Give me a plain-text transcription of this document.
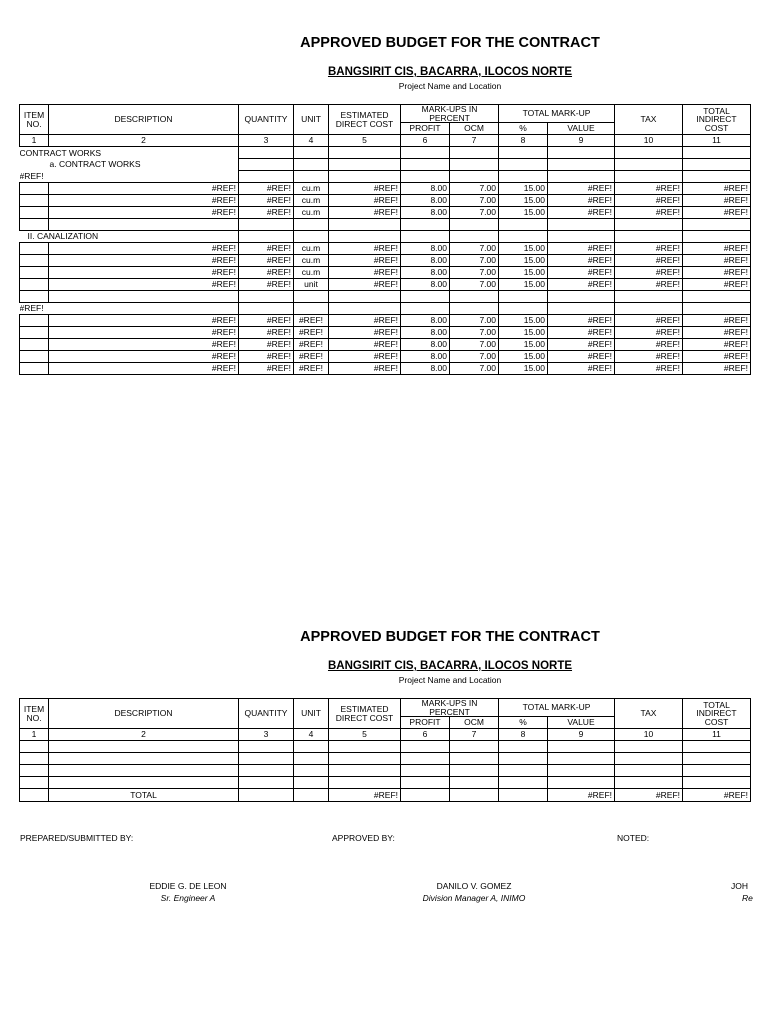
APPROVED BUDGET FOR THE CONTRACT
BANGSIRIT CIS, BACARRA, ILOCOS NORTE
Project Name and Location
ITEM NO.	DESCRIPTION	QUANTITY	UNIT	ESTIMATED DIRECT COST	MARK-UPS IN PERCENT		TOTAL MARK-UP		TAX	TOTAL INDIRECT COST
					PROFIT	OCM	%	VALUE		
1	2	3	4	5	6	7	8	9	10	11
CONTRACT WORKS										
a. CONTRACT WORKS										
#REF!										
	#REF!	#REF!	cu.m	#REF!	8.00	7.00	15.00	#REF!	#REF!	#REF!
	#REF!	#REF!	cu.m	#REF!	8.00	7.00	15.00	#REF!	#REF!	#REF!
	#REF!	#REF!	cu.m	#REF!	8.00	7.00	15.00	#REF!	#REF!	#REF!

II. CANALIZATION										
	#REF!	#REF!	cu.m	#REF!	8.00	7.00	15.00	#REF!	#REF!	#REF!
	#REF!	#REF!	cu.m	#REF!	8.00	7.00	15.00	#REF!	#REF!	#REF!
	#REF!	#REF!	cu.m	#REF!	8.00	7.00	15.00	#REF!	#REF!	#REF!
	#REF!	#REF!	unit	#REF!	8.00	7.00	15.00	#REF!	#REF!	#REF!

#REF!										
	#REF!	#REF!	#REF!	#REF!	8.00	7.00	15.00	#REF!	#REF!	#REF!
	#REF!	#REF!	#REF!	#REF!	8.00	7.00	15.00	#REF!	#REF!	#REF!
	#REF!	#REF!	#REF!	#REF!	8.00	7.00	15.00	#REF!	#REF!	#REF!
	#REF!	#REF!	#REF!	#REF!	8.00	7.00	15.00	#REF!	#REF!	#REF!
	#REF!	#REF!	#REF!	#REF!	8.00	7.00	15.00	#REF!	#REF!	#REF!
APPROVED BUDGET FOR THE CONTRACT
BANGSIRIT CIS, BACARRA, ILOCOS NORTE
Project Name and Location
ITEM NO.	DESCRIPTION	QUANTITY	UNIT	ESTIMATED DIRECT COST	MARK-UPS IN PERCENT		TOTAL MARK-UP		TAX	TOTAL INDIRECT COST
					PROFIT	OCM	%	VALUE		
1	2	3	4	5	6	7	8	9	10	11

	TOTAL			#REF!				#REF!	#REF!	#REF!
PREPARED/SUBMITTED BY:	APPROVED BY:	NOTED:
EDDIE G. DE LEON
Sr. Engineer A
DANILO V. GOMEZ
Division Manager A, INIMO
JOH
Re
